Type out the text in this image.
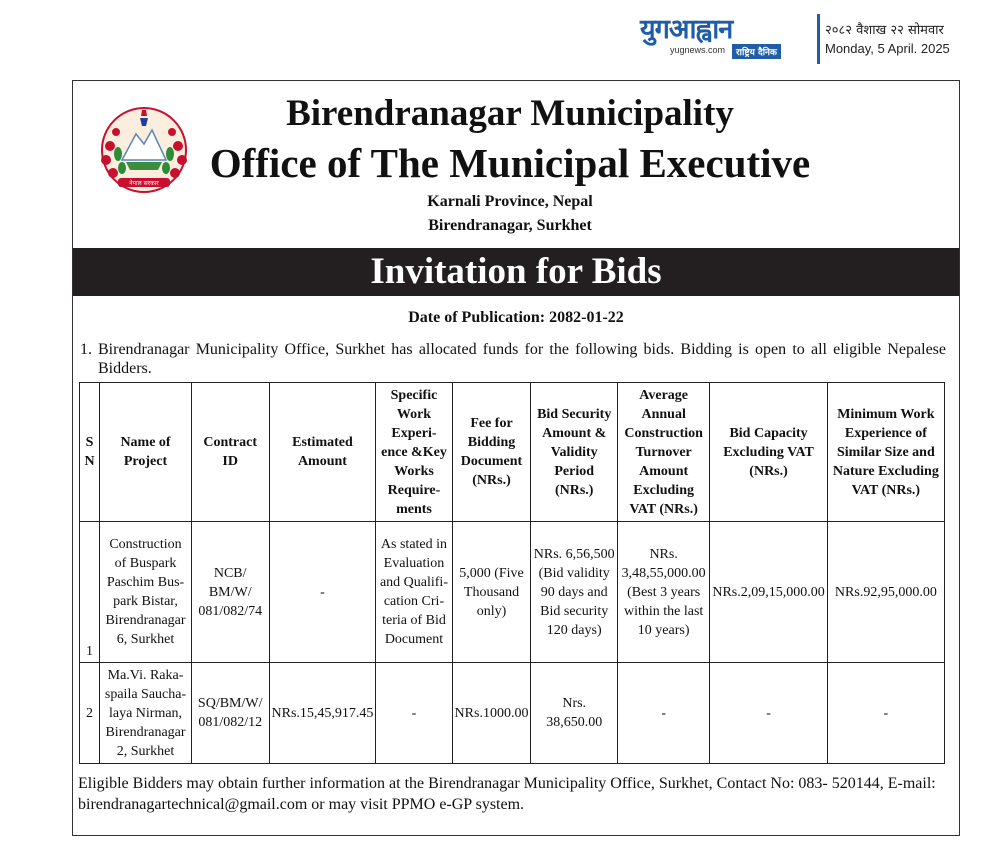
युगआह्वान
yugnews.com	राष्ट्रिय दैनिक
२०८२ वैशाख २२ सोमवार
Monday, 5 April. 2025
नेपाल सरकार
Birendranagar Municipality
Office of The Municipal Executive
Karnali Province, Nepal
Birendranagar, Surkhet
Invitation for Bids
Date of Publication: 2082-01-22
1. Birendranagar Municipality Office, Surkhet has allocated funds for the following bids. Bidding is open to all eligible Nepalese Bidders.
S N	Name of Project	Contract ID	Estimated Amount	Specific Work Experi- ence &Key Works Require- ments	Fee for Bidding Document (NRs.)	Bid Security Amount & Validity Period (NRs.)	Average Annual Construction Turnover Amount Excluding VAT (NRs.)	Bid Capacity Excluding VAT (NRs.)	Minimum Work Experience of Similar Size and Nature Excluding VAT (NRs.)
1	Construction of Buspark Paschim Bus- park Bistar, Birendranagar 6, Surkhet	NCB/ BM/W/ 081/082/74	-	As stated in Evaluation and Qualifi- cation Cri- teria of Bid Document	5,000 (Five Thousand only)	NRs. 6,56,500 (Bid validity 90 days and Bid security 120 days)	NRs. 3,48,55,000.00 (Best 3 years within the last 10 years)	NRs.2,09,15,000.00	NRs.92,95,000.00
2	Ma.Vi. Raka- spaila Saucha- laya Nirman, Birendranagar 2, Surkhet	SQ/BM/W/ 081/082/12	NRs.15,45,917.45	-	NRs.1000.00	Nrs. 38,650.00	-	-	-
Eligible Bidders may obtain further information at the Birendranagar Municipality Office, Surkhet, Contact No: 083- 520144, E-mail: birendranagartechnical@gmail.com or may visit PPMO e-GP system.
